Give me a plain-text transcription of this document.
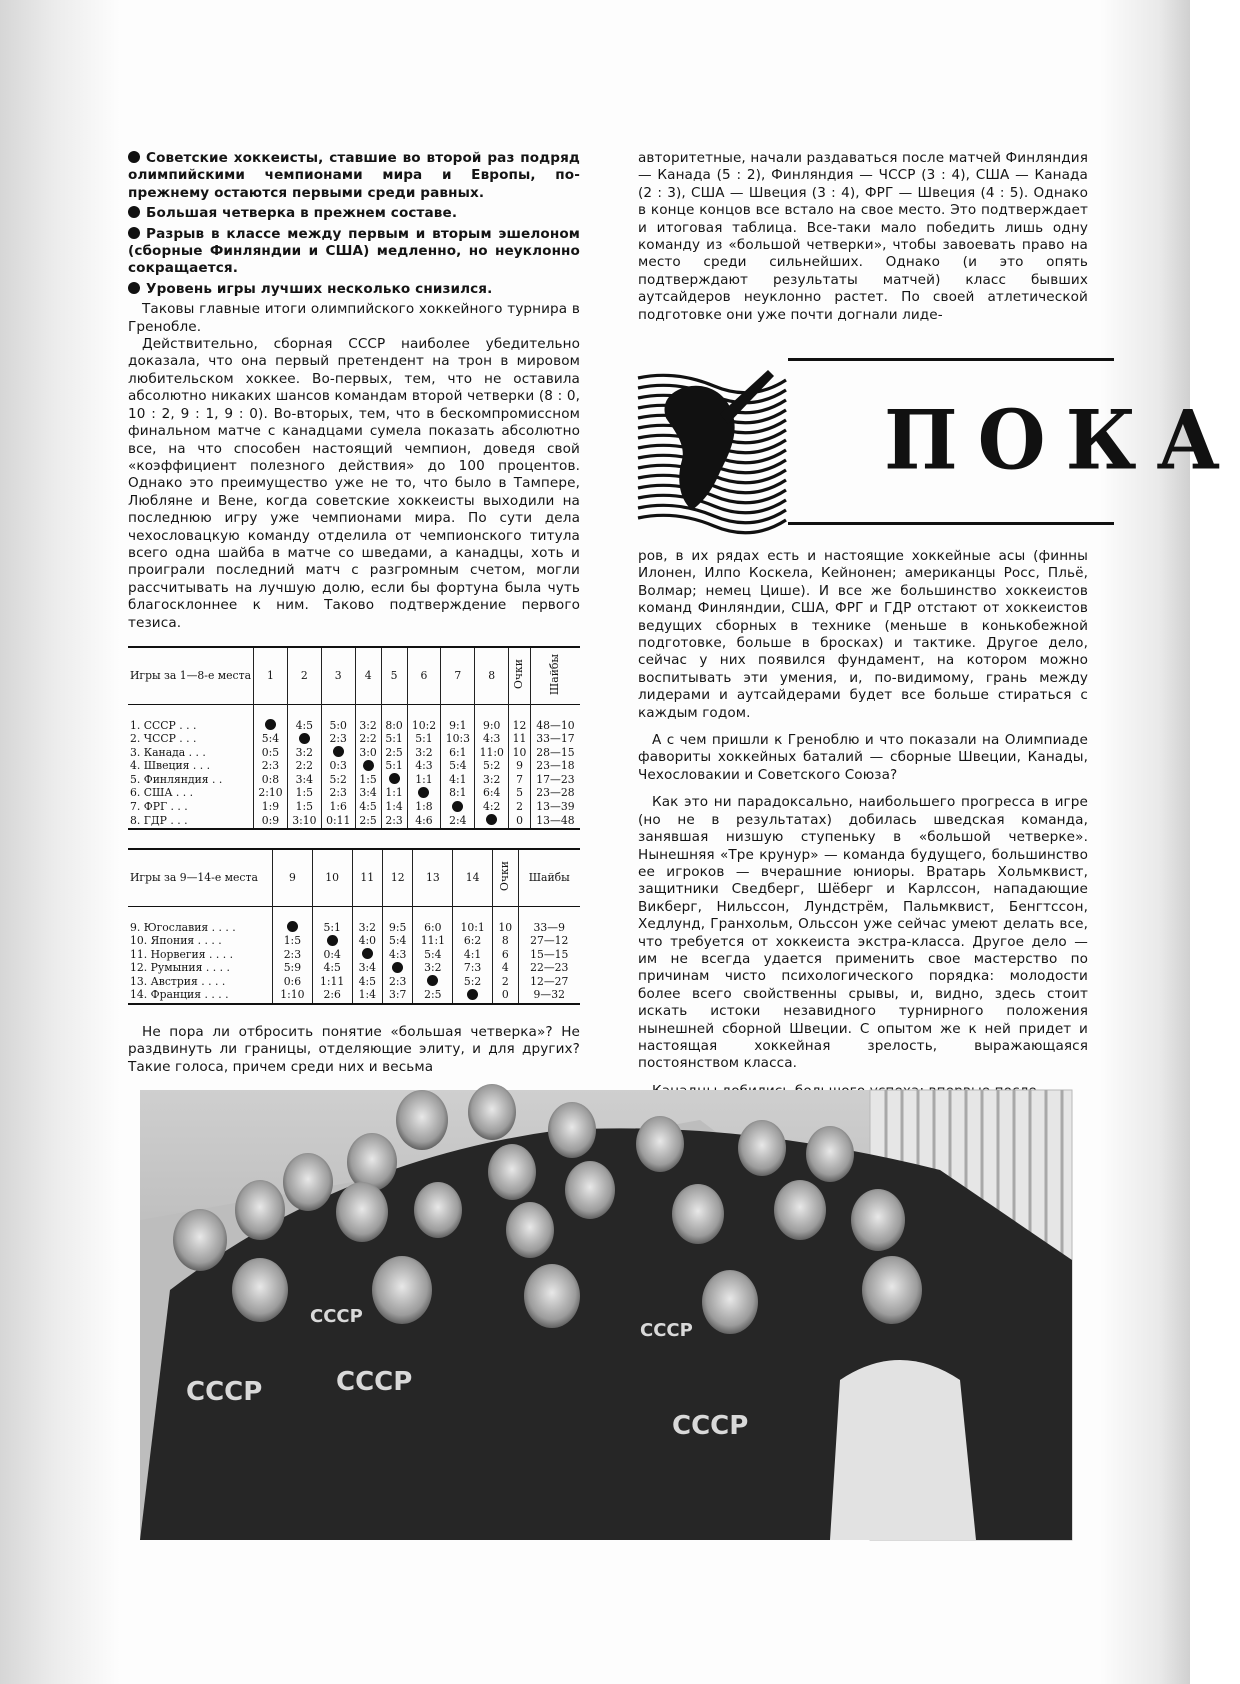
Советские хоккеисты, ставшие во второй раз подряд олимпийскими чемпионами мира и Европы, по-прежнему остаются первыми среди равных.

Большая четверка в прежнем составе.

Разрыв в классе между первым и вторым эшелоном (сборные Финляндии и США) медленно, но неуклонно сокращается.

Уровень игры лучших несколько снизился.

Таковы главные итоги олимпийского хоккейного турнира в Гренобле.

Действительно, сборная СССР наиболее убедительно доказала, что она первый претендент на трон в мировом любительском хоккее. Во-первых, тем, что не оставила абсолютно никаких шансов командам второй четверки (8 : 0, 10 : 2, 9 : 1, 9 : 0). Во-вторых, тем, что в бескомпромиссном финальном матче с канадцами сумела показать абсолютно все, на что способен настоящий чемпион, доведя свой «коэффициент полезного действия» до 100 процентов. Однако это преимущество уже не то, что было в Тампере, Любляне и Вене, когда советские хоккеисты выходили на последнюю игру уже чемпионами мира. По сути дела чехословацкую команду отделила от чемпионского титула всего одна шайба в матче со шведами, а канадцы, хоть и проиграли последний матч с разгромным счетом, могли рассчитывать на лучшую долю, если бы фортуна была чуть благосклоннее к ним. Таково подтверждение первого тезиса.

Игры за 1—8-е места	1	2	3	4	5	6	7	8	Очки	Шайбы

1. СССР . . .		4:5	5:0	3:2	8:0	10:2	9:1	9:0	12	48—10
2. ЧССР . . .	5:4		2:3	2:2	5:1	5:1	10:3	4:3	11	33—17
3. Канада . . .	0:5	3:2		3:0	2:5	3:2	6:1	11:0	10	28—15
4. Швеция . . .	2:3	2:2	0:3		5:1	4:3	5:4	5:2	9	23—18
5. Финляндия . .	0:8	3:4	5:2	1:5		1:1	4:1	3:2	7	17—23
6. США . . .	2:10	1:5	2:3	3:4	1:1		8:1	6:4	5	23—28
7. ФРГ . . .	1:9	1:5	1:6	4:5	1:4	1:8		4:2	2	13—39
8. ГДР . . .	0:9	3:10	0:11	2:5	2:3	4:6	2:4		0	13—48
Игры за 9—14-е места	9	10	11	12	13	14	Очки	Шайбы

9. Югославия . . . .		5:1	3:2	9:5	6:0	10:1	10	33—9
10. Япония . . . .	1:5		4:0	5:4	11:1	6:2	8	27—12
11. Норвегия . . . .	2:3	0:4		4:3	5:4	4:1	6	15—15
12. Румыния . . . .	5:9	4:5	3:4		3:2	7:3	4	22—23
13. Австрия . . . .	0:6	1:11	4:5	2:3		5:2	2	12—27
14. Франция . . . .	1:10	2:6	1:4	3:7	2:5		0	9—32

Не пора ли отбросить понятие «большая четверка»? Не раздвинуть ли границы, отделяющие элиту, и для других? Такие голоса, причем среди них и весьма

авторитетные, начали раздаваться после матчей Финляндия — Канада (5 : 2), Финляндия — ЧССР (3 : 4), США — Канада (2 : 3), США — Швеция (3 : 4), ФРГ — Швеция (4 : 5). Однако в конце концов все встало на свое место. Это подтверждает и итоговая таблица. Все-таки мало победить лишь одну команду из «большой четверки», чтобы завоевать право на место среди сильнейших. Однако (и это опять подтверждают результаты матчей) класс бывших аутсайдеров неуклонно растет. По своей атлетической подготовке они уже почти догнали лиде-

ПОКА

ров, в их рядах есть и настоящие хоккейные асы (финны Илонен, Илпо Коскела, Кейнонен; американцы Росс, Пльё, Волмар; немец Цише). И все же большинство хоккеистов команд Финляндии, США, ФРГ и ГДР отстают от хоккеистов ведущих сборных в технике (меньше в конькобежной подготовке, больше в бросках) и тактике. Другое дело, сейчас у них появился фундамент, на котором можно воспитывать эти умения, и, по-видимому, грань между лидерами и аутсайдерами будет все больше стираться с каждым годом.

А с чем пришли к Греноблю и что показали на Олимпиаде фавориты хоккейных баталий — сборные Швеции, Канады, Чехословакии и Советского Союза?

Как это ни парадоксально, наибольшего прогресса в игре (но не в результатах) добилась шведская команда, занявшая низшую ступеньку в «большой четверке». Нынешняя «Тре крунур» — команда будущего, большинство ее игроков — вчерашние юниоры. Вратарь Хольмквист, защитники Сведберг, Шёберг и Карлссон, нападающие Викберг, Нильссон, Лундстрём, Пальмквист, Бенгтссон, Хедлунд, Гранхольм, Ольссон уже сейчас умеют делать все, что требуется от хоккеиста экстра-класса. Другое дело — им не всегда удается применить свое мастерство по причинам чисто психологического порядка: молодости более всего свойственны срывы, и, видно, здесь стоит искать истоки незавидного турнирного положения нынешней сборной Швеции. С опытом же к ней придет и настоящая хоккейная зрелость, выражающаяся постоянством класса.

СССР	СССР
СССР
СССР
СССР
